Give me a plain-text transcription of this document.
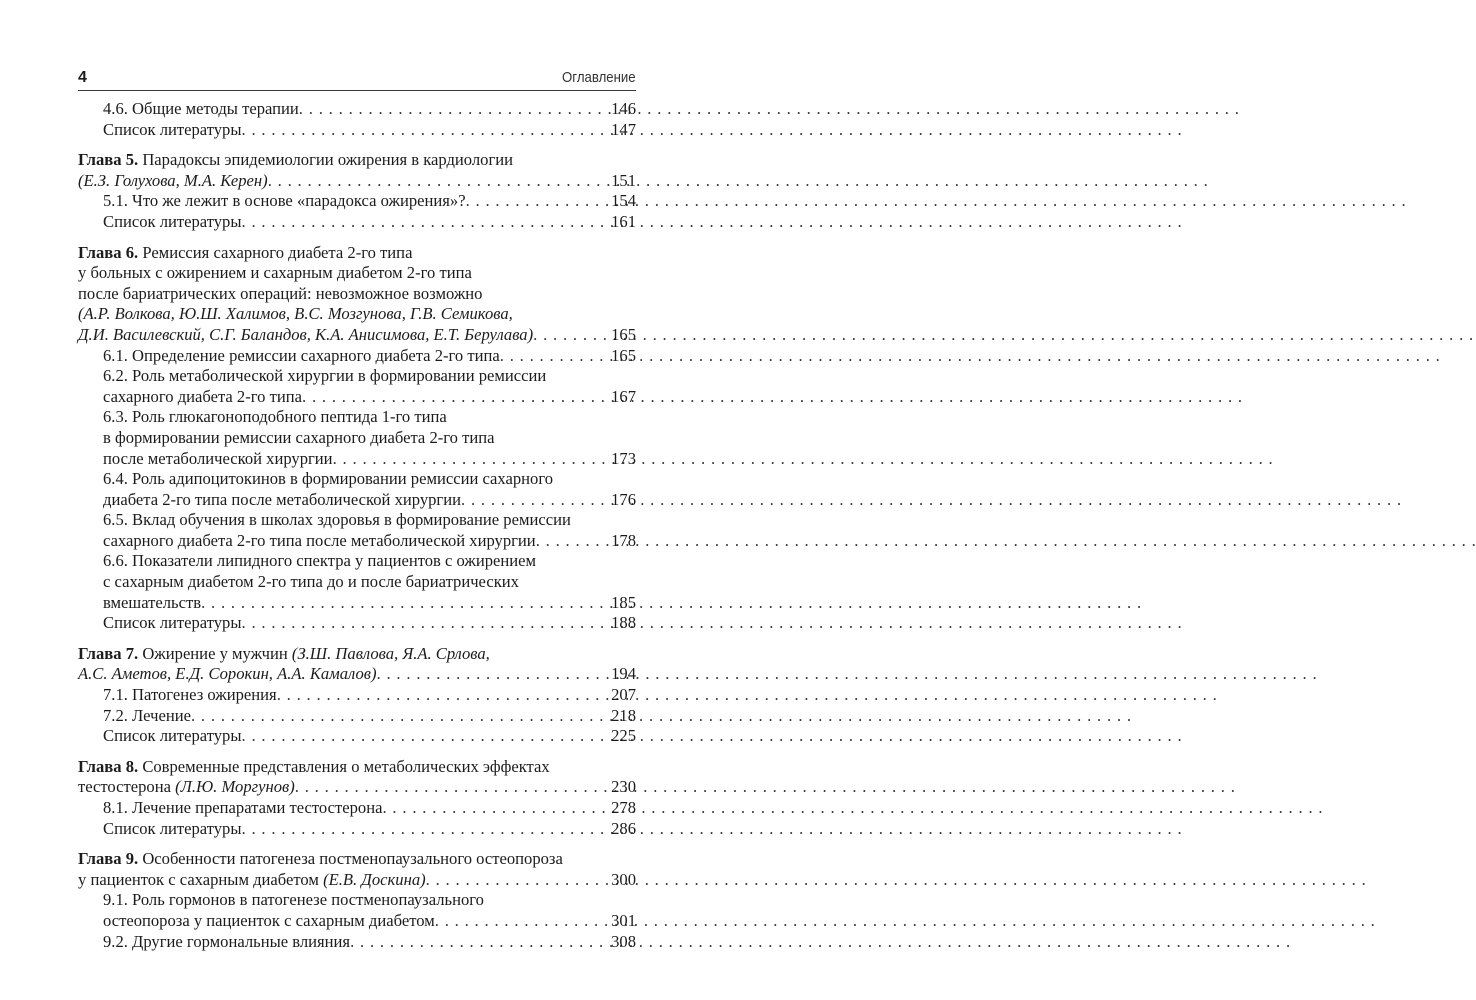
4	Оглавление
4.6. Общие методы терапии . . .	146
Список литературы . . .	147
Глава 5. Парадоксы эпидемиологии ожирения в кардиологии
(Е.З. Голухова, М.А. Керен) . . .	151
5.1. Что же лежит в основе «парадокса ожирения»? . . .	154
Список литературы . . .	161
Глава 6. Ремиссия сахарного диабета 2-го типа
у больных с ожирением и сахарным диабетом 2-го типа
после бариатрических операций: невозможное возможно
(А.Р. Волкова, Ю.Ш. Халимов, В.С. Мозгунова, Г.В. Семикова,
Д.И. Василевский, С.Г. Баландов, К.А. Анисимова, Е.Т. Берулава) . . .	165
6.1. Определение ремиссии сахарного диабета 2-го типа . . .	165
6.2. Роль метаболической хирургии в формировании ремиссии
сахарного диабета 2-го типа . . .	167
6.3. Роль глюкагоноподобного пептида 1-го типа
в формировании ремиссии сахарного диабета 2-го типа
после метаболической хирургии . . .	173
6.4. Роль адипоцитокинов в формировании ремиссии сахарного
диабета 2-го типа после метаболической хирургии . . .	176
6.5. Вклад обучения в школах здоровья в формирование ремиссии
сахарного диабета 2-го типа после метаболической хирургии . . .	178
6.6. Показатели липидного спектра у пациентов с ожирением
с сахарным диабетом 2-го типа до и после бариатрических
вмешательств . . .	185
Список литературы . . .	188
Глава 7. Ожирение у мужчин (З.Ш. Павлова, Я.А. Срлова,
А.С. Аметов, Е.Д. Сорокин, А.А. Камалов) . . .	194
7.1. Патогенез ожирения . . .	207
7.2. Лечение . . .	218
Список литературы . . .	225
Глава 8. Современные представления о метаболических эффектах
тестостерона (Л.Ю. Моргунов) . . .	230
8.1. Лечение препаратами тестостерона . . .	278
Список литературы . . .	286
Глава 9. Особенности патогенеза постменопаузального остеопороза
у пациенток с сахарным диабетом (Е.В. Доскина) . . .	300
9.1. Роль гормонов в патогенезе постменопаузального
остеопороза у пациенток с сахарным диабетом . . .	301
9.2. Другие гормональные влияния . . .	308
